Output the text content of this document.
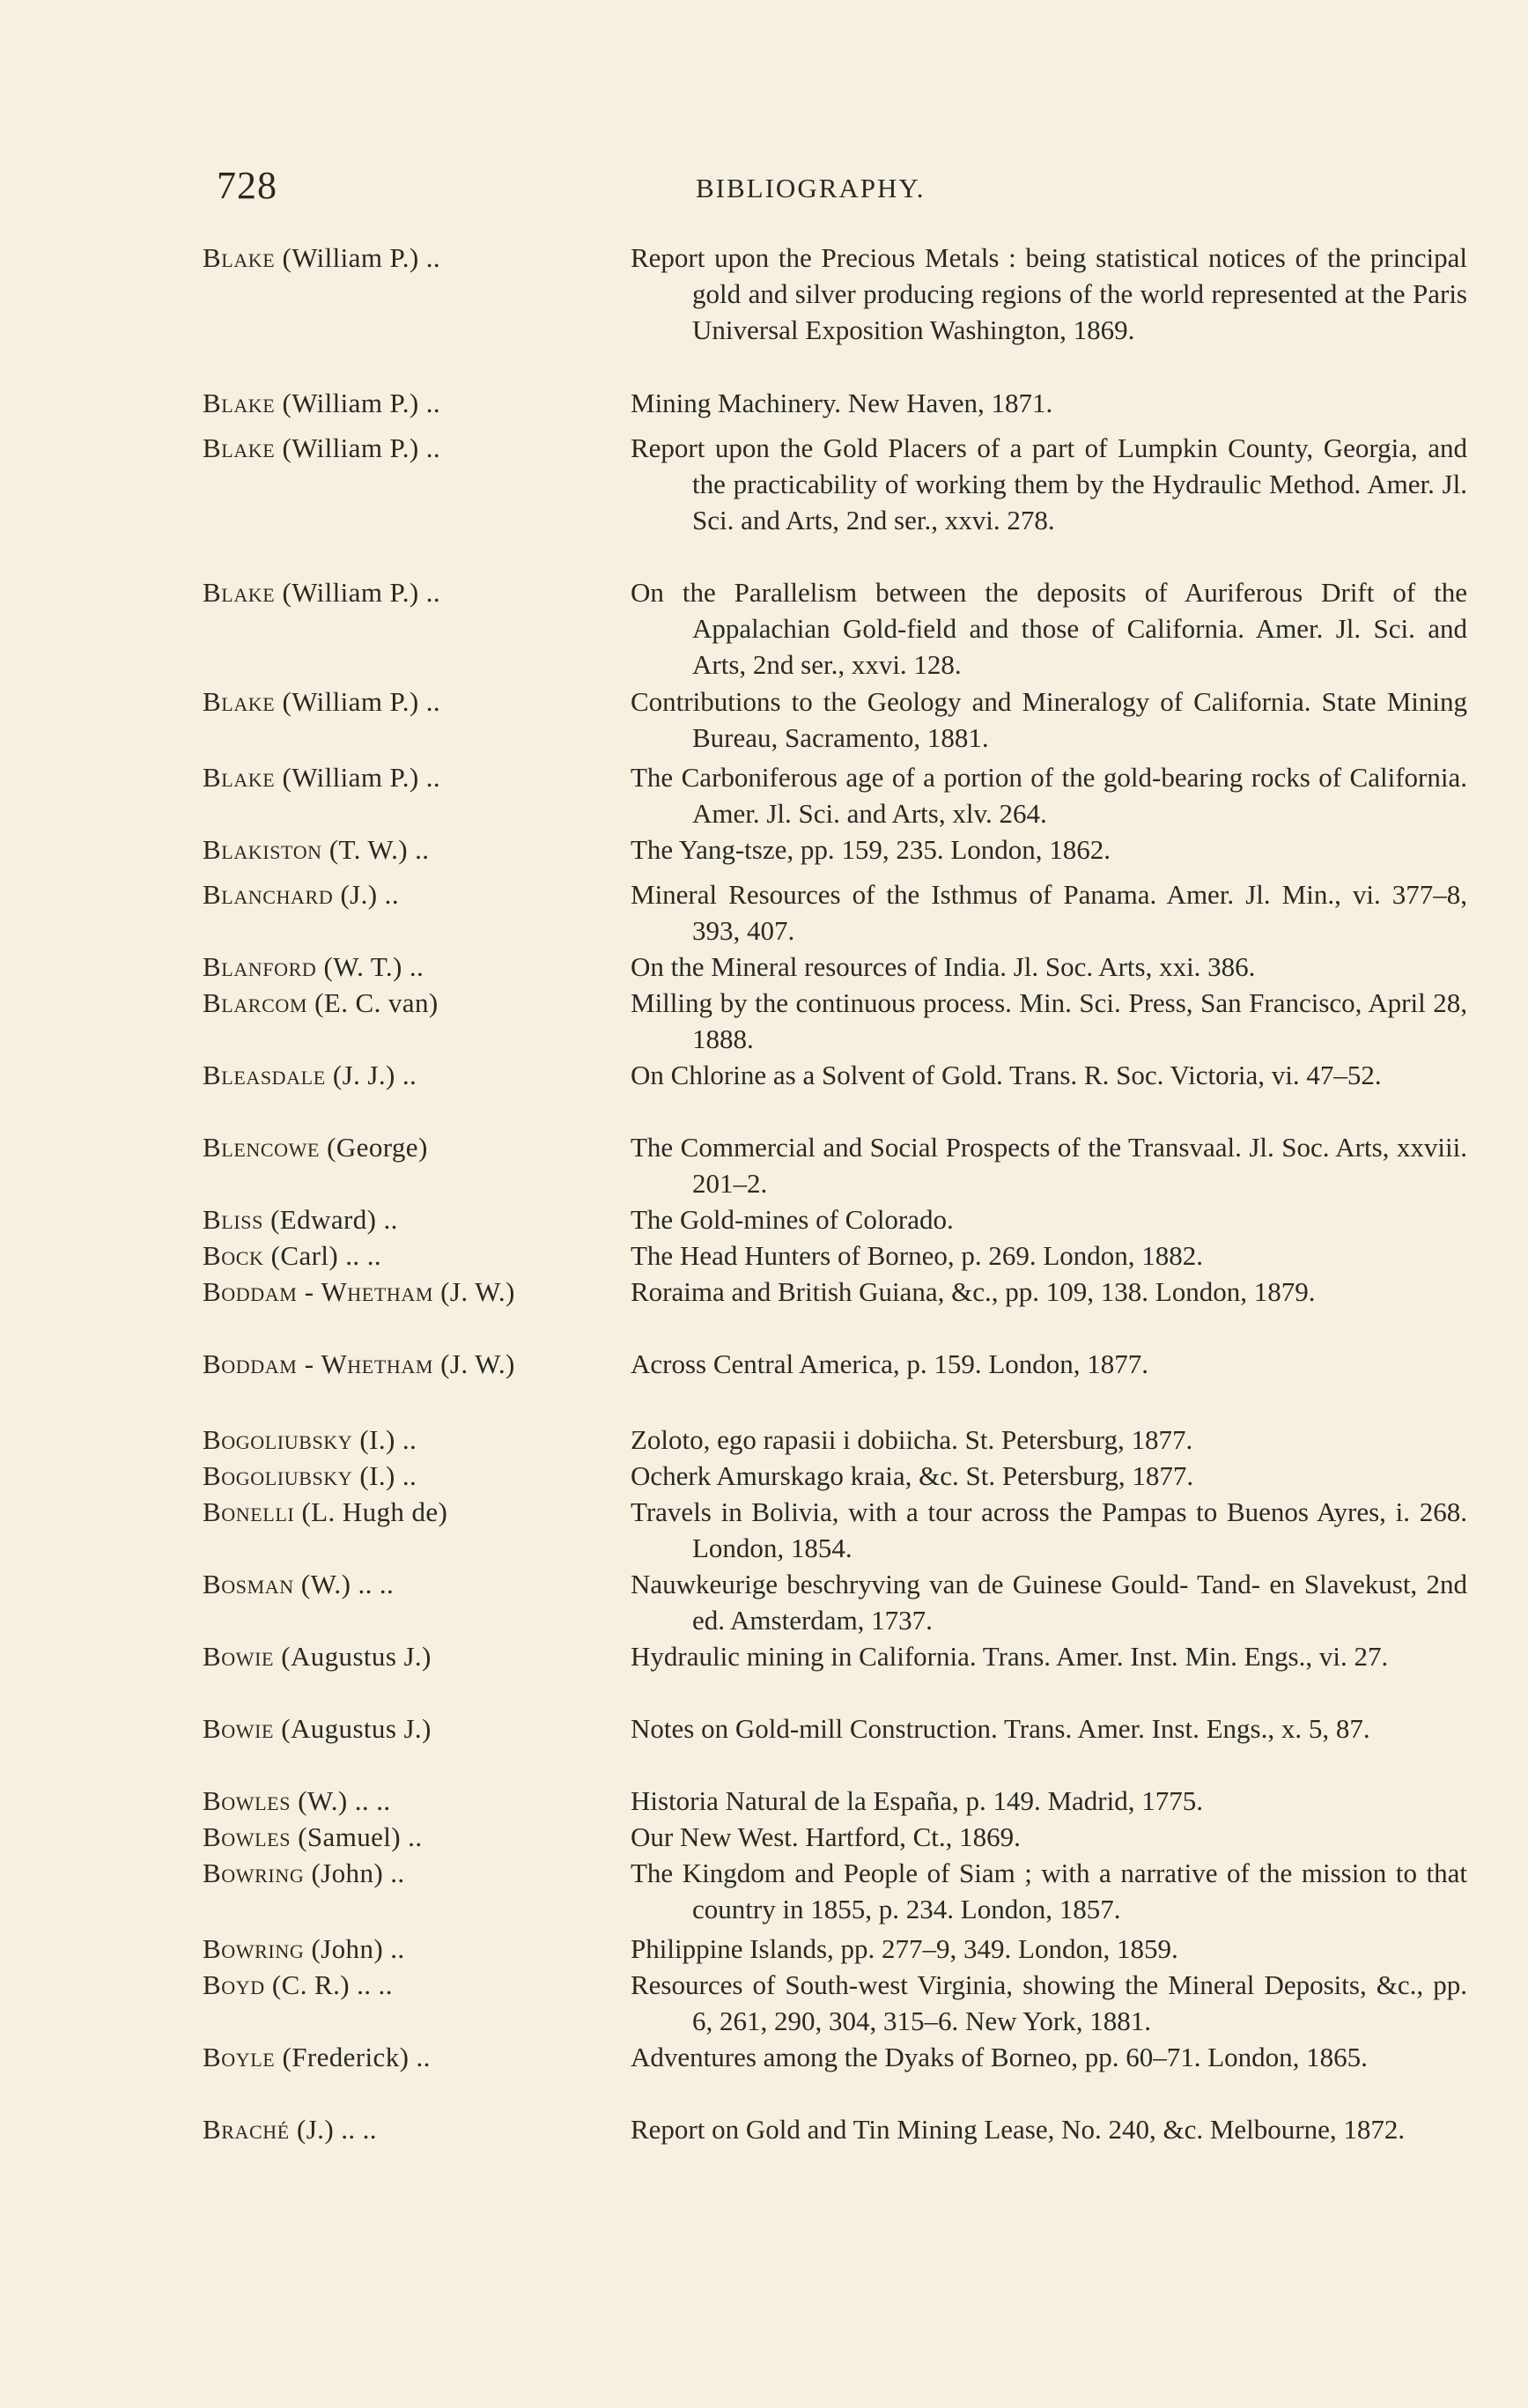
728	BIBLIOGRAPHY.
Blake (William P.) ..	Report upon the Precious Metals : being statistical notices of the principal gold and silver producing regions of the world represented at the Paris Universal Exposition Washington, 1869.
Blake (William P.) ..	Mining Machinery. New Haven, 1871.
Blake (William P.) ..	Report upon the Gold Placers of a part of Lumpkin County, Georgia, and the practicability of working them by the Hydraulic Method. Amer. Jl. Sci. and Arts, 2nd ser., xxvi. 278.
Blake (William P.) ..	On the Parallelism between the deposits of Auriferous Drift of the Appalachian Gold-field and those of California. Amer. Jl. Sci. and Arts, 2nd ser., xxvi. 128.
Blake (William P.) ..	Contributions to the Geology and Mineralogy of California. State Mining Bureau, Sacramento, 1881.
Blake (William P.) ..	The Carboniferous age of a portion of the gold-bearing rocks of California. Amer. Jl. Sci. and Arts, xlv. 264.
Blakiston (T. W.) ..	The Yang-tsze, pp. 159, 235. London, 1862.
Blanchard (J.) ..	Mineral Resources of the Isthmus of Panama. Amer. Jl. Min., vi. 377–8, 393, 407.
Blanford (W. T.) ..	On the Mineral resources of India. Jl. Soc. Arts, xxi. 386.
Blarcom (E. C. van)	Milling by the continuous process. Min. Sci. Press, San Francisco, April 28, 1888.
Bleasdale (J. J.) ..	On Chlorine as a Solvent of Gold. Trans. R. Soc. Victoria, vi. 47–52.
Blencowe (George)	The Commercial and Social Prospects of the Transvaal. Jl. Soc. Arts, xxviii. 201–2.
Bliss (Edward) ..	The Gold-mines of Colorado.
Bock (Carl) .. ..	The Head Hunters of Borneo, p. 269. London, 1882.
Boddam - Whetham (J. W.)	Roraima and British Guiana, &c., pp. 109, 138. London, 1879.
Boddam - Whetham (J. W.)	Across Central America, p. 159. London, 1877.
Bogoliubsky (I.) ..	Zoloto, ego rapasii i dobiicha. St. Petersburg, 1877.
Bogoliubsky (I.) ..	Ocherk Amurskago kraia, &c. St. Petersburg, 1877.
Bonelli (L. Hugh de)	Travels in Bolivia, with a tour across the Pampas to Buenos Ayres, i. 268. London, 1854.
Bosman (W.) .. ..	Nauwkeurige beschryving van de Guinese Gould- Tand- en Slavekust, 2nd ed. Amsterdam, 1737.
Bowie (Augustus J.)	Hydraulic mining in California. Trans. Amer. Inst. Min. Engs., vi. 27.
Bowie (Augustus J.)	Notes on Gold-mill Construction. Trans. Amer. Inst. Engs., x. 5, 87.
Bowles (W.) .. ..	Historia Natural de la España, p. 149. Madrid, 1775.
Bowles (Samuel) ..	Our New West. Hartford, Ct., 1869.
Bowring (John) ..	The Kingdom and People of Siam ; with a narrative of the mission to that country in 1855, p. 234. London, 1857.
Bowring (John) ..	Philippine Islands, pp. 277–9, 349. London, 1859.
Boyd (C. R.) .. ..	Resources of South-west Virginia, showing the Mineral Deposits, &c., pp. 6, 261, 290, 304, 315–6. New York, 1881.
Boyle (Frederick) ..	Adventures among the Dyaks of Borneo, pp. 60–71. London, 1865.
Braché (J.) .. ..	Report on Gold and Tin Mining Lease, No. 240, &c. Melbourne, 1872.
